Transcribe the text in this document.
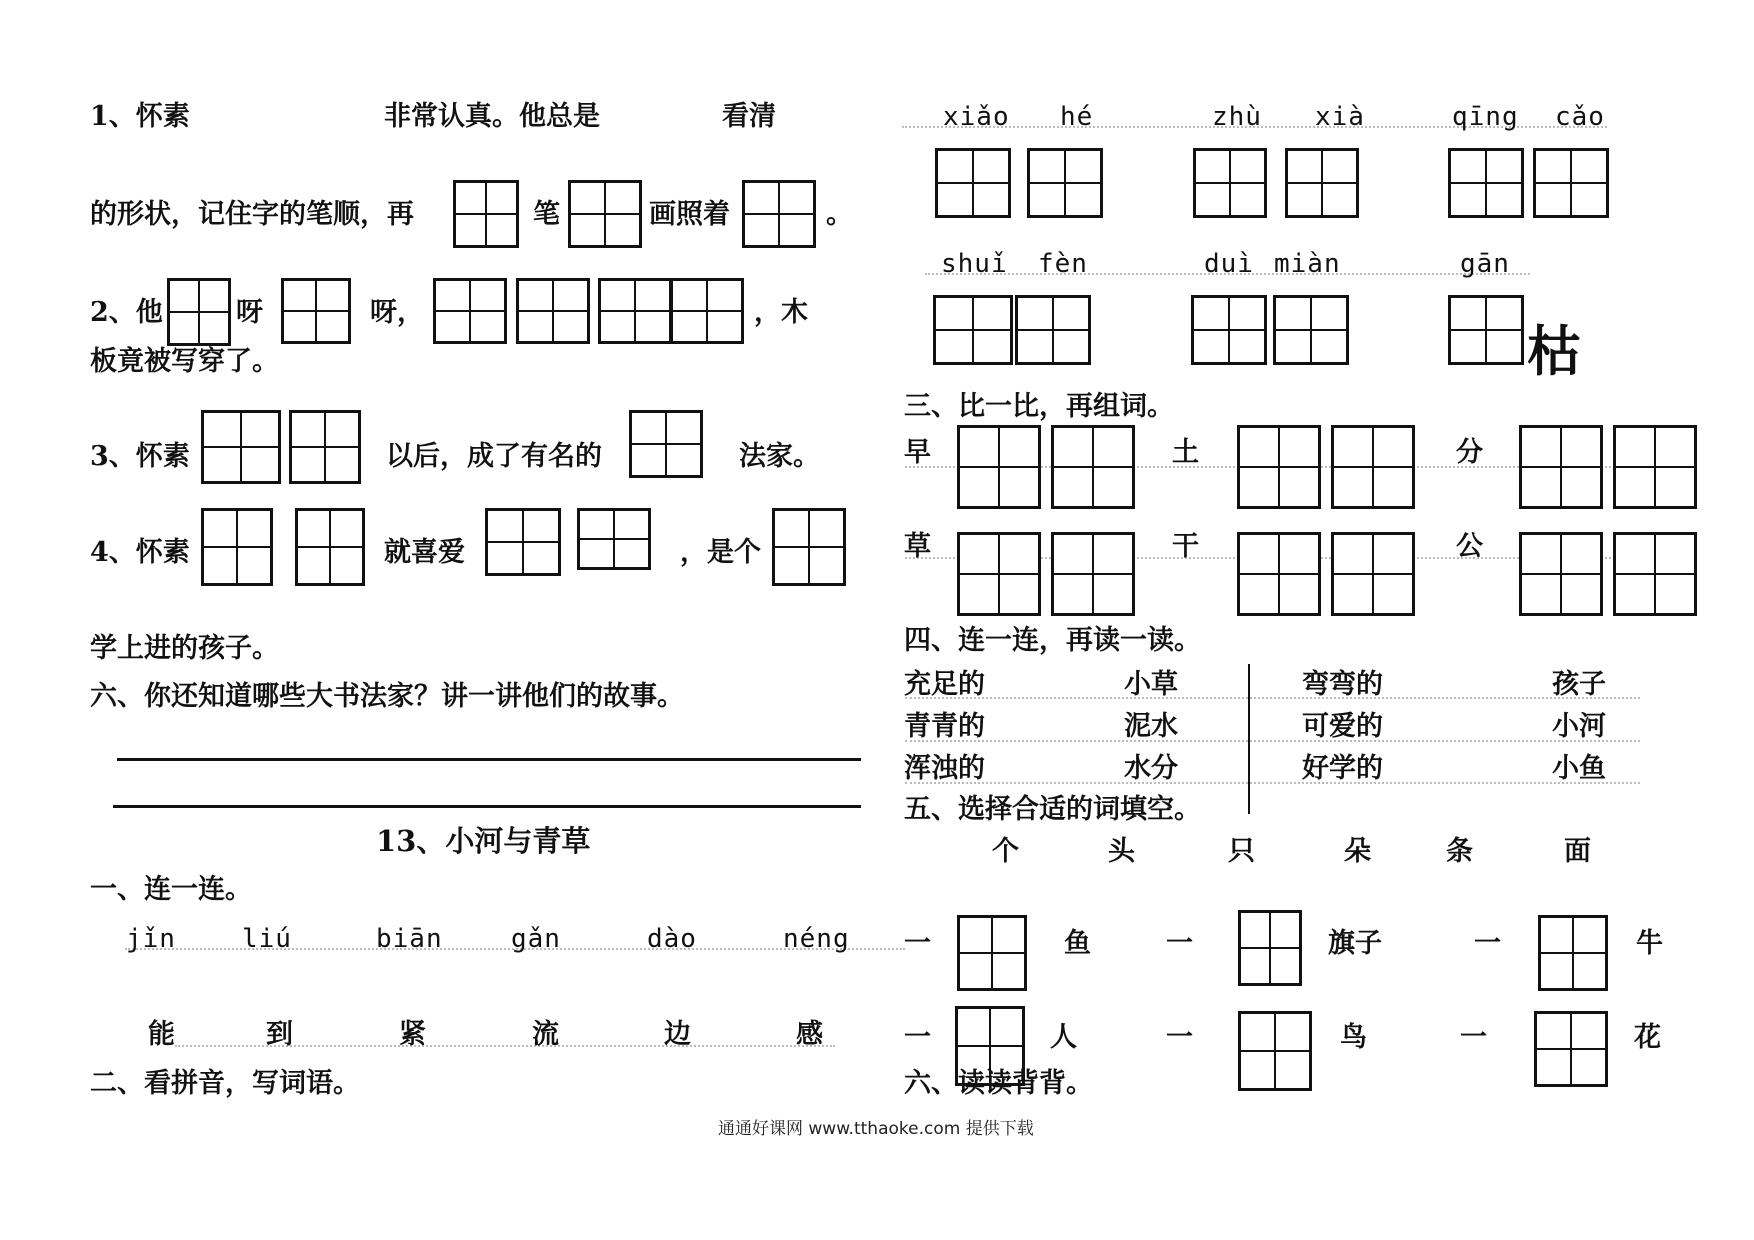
1、怀素	非常认真。他总是	看清
的形状，记住字的笔顺，再	笔	画照着	。
2、他	呀	呀，	，木
板竟被写穿了。
3、怀素	以后，成了有名的	法家。
4、怀素	就喜爱	，是个
学上进的孩子。
六、你还知道哪些大书法家？讲一讲他们的故事。
13、小河与青草
一、连一连。
jǐn	liú	biān	gǎn	dào	néng
能	到	紧	流	边	感
二、看拼音，写词语。
xiǎo hé	zhù xià	qīng cǎo
shuǐ fèn	duì miàn	gān
枯
三、比一比，再组词。
早	土	分
草	干	公
四、连一连，再读一读。
充足的	小草	弯弯的	孩子
青青的	泥水	可爱的	小河
浑浊的	水分	好学的	小鱼
五、选择合适的词填空。
个	头	只	朵	条	面
一	鱼	一	旗子	一	牛
一	人	一	鸟	一	花
六、读读背背。
通通好课网 www.tthaoke.com 提供下载
